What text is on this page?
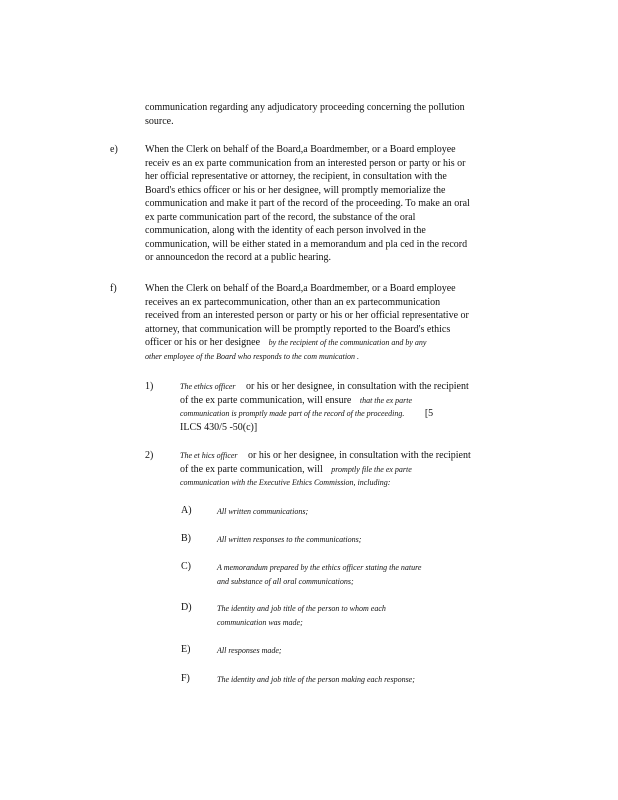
communication regarding any adjudicatory proceeding concerning the pollution
source.
e)	When the Clerk on behalf of the Board,a Boardmember, or a Board employee
receiv es an ex parte communication from an interested person or party or his or
her official representative or attorney, the recipient, in consultation with the
Board's ethics officer or his or her designee, will promptly memorialize the
communication and make it part of the record of the proceeding. To make an oral
ex parte communication part of the record, the substance of the oral
communication, along with the identity of each person involved in the
communication, will be either stated in a memorandum and pla ced in the record
or announcedon the record at a public hearing.
f)	When the Clerk on behalf of the Board,a Boardmember, or a Board employee
receives an ex partecommunication, other than an ex partecommunication
received from an interested person or party or his or her official representative or
attorney, that communication will be promptly reported to the Board's ethics
officer or his or her designee by the recipient of the communication and by any
other employee of the Board who responds to the com munication .
1)	The ethics officer or his or her designee, in consultation with the recipient
of the ex parte communication, will ensure that the ex parte
communication is promptly made part of the record of the proceeding. [5
ILCS 430/5 -50(c)]
2)	The et hics officer or his or her designee, in consultation with the recipient
of the ex parte communication, will promptly file the ex parte
communication with the Executive Ethics Commission, including:
A)	All written communications;
B)	All written responses to the communications;
C)	A memorandum prepared by the ethics officer stating the nature
and substance of all oral communications;
D)	The identity and job title of the person to whom each
communication was made;
E)	All responses made;
F)	The identity and job title of the person making each response;
